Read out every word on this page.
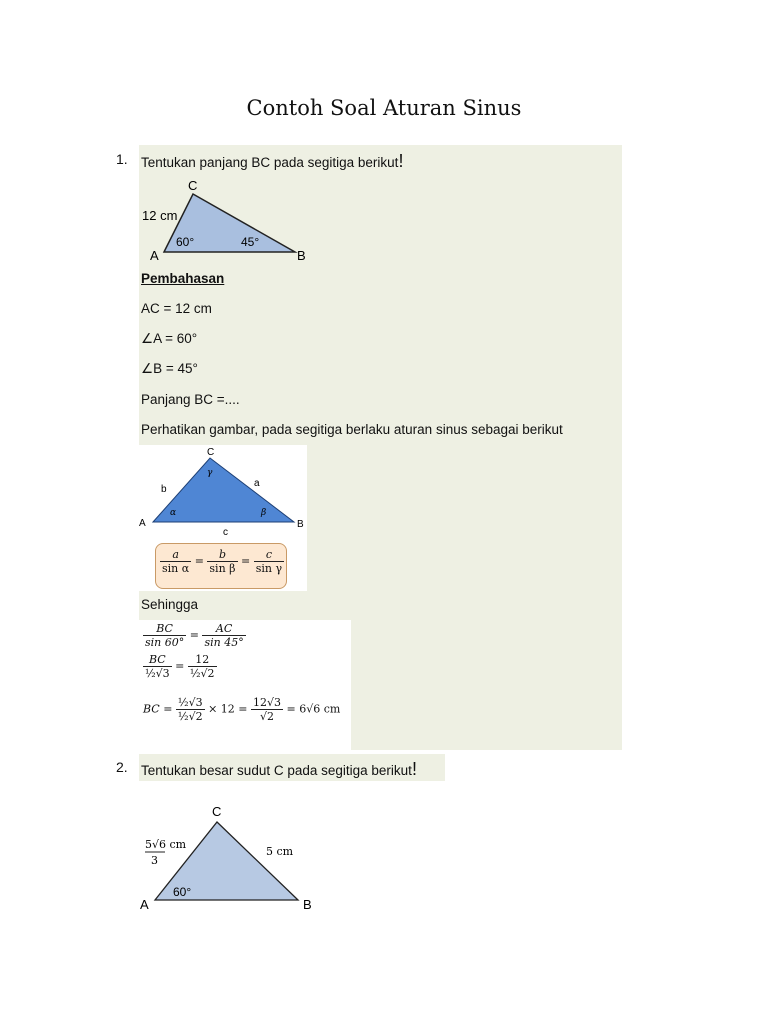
Contoh Soal Aturan Sinus
1. Tentukan panjang BC pada segitiga berikut!
C
A	B
12 cm
60°	45°
Pembahasan
AC = 12 cm
∠A = 60°
∠B = 45°
Panjang BC =....
Perhatikan gambar, pada segitiga berlaku aturan sinus sebagai berikut
C
A	B
b
a
c
γ
α	β
$\frac{a}{\text{sin α}} = \frac{b}{\text{sin β}} = \frac{c}{\text{sin γ}}$
Sehingga
$\frac{BC}{\sin 60^\circ} = \frac{AC}{\sin 45^\circ}$
$\frac{BC}{\text{½√3}} = \frac{12}{\text{½√2}}$
BC = $\frac{\text{½√3}}{\text{½√2}} \times 12 = \frac{12√3}{√2} = 6√6$ cm
2. Tentukan besar sudut C pada segitiga berikut!
C
A	B
5√6 cm
3
5 cm
60°
